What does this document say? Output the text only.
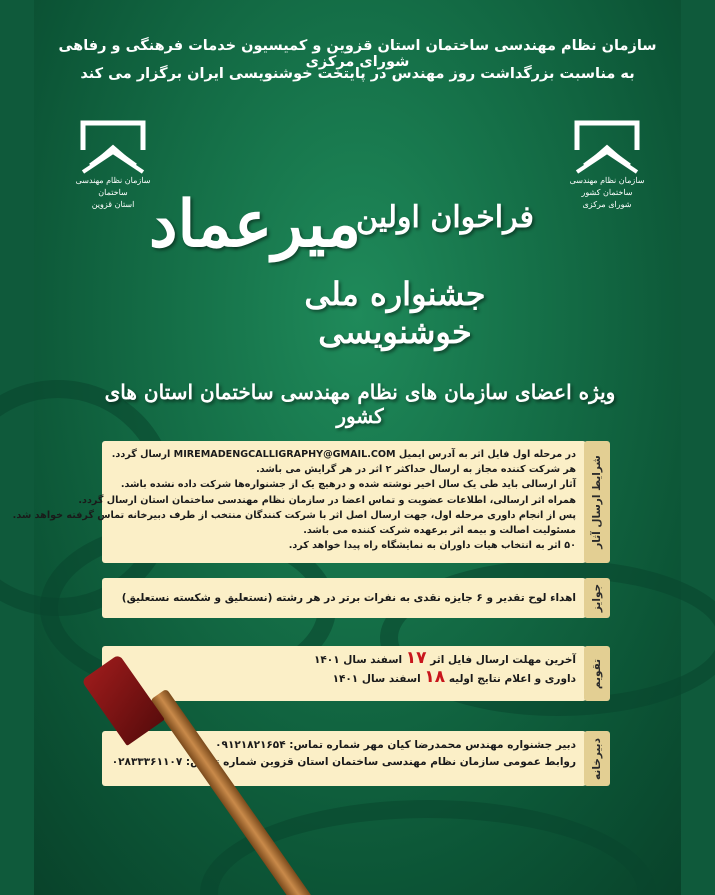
سازمان نظام مهندسی ساختمان استان قزوین و کمیسیون خدمات فرهنگی و رفاهی شورای مرکزی
به مناسبت بزرگداشت روز مهندس در پایتخت خوشنویسی ایران برگزار می کند
سازمان نظام مهندسی ساختمان
استان قزوین
سازمان نظام مهندسی ساختمان کشور
شورای مرکزی
فراخوان اولین
میرعماد
جشنواره ملی خوشنویسی
ویژه اعضای سازمان های نظام مهندسی ساختمان استان های کشور
در مرحله اول فایل اثر به آدرس ایمیل MIREMADENGCALLIGRAPHY@GMAIL.COM ارسال گردد.
هر شرکت کننده مجاز به ارسال حداکثر ۲ اثر در هر گرایش می باشد.
آثار ارسالی باید طی یک سال اخیر نوشته شده و درهیچ یک از جشنواره‌ها شرکت داده نشده باشد.
همراه اثر ارسالی، اطلاعات عضویت و تماس اعضا در سازمان نظام مهندسی ساختمان استان ارسال گردد.
پس از انجام داوری مرحله اول، جهت ارسال اصل اثر با شرکت کنندگان منتخب از طرف دبیرخانه تماس گرفته خواهد شد.
مسئولیت اصالت و بیمه اثر برعهده شرکت کننده می باشد.
۵۰ اثر به انتخاب هیات داوران به نمایشگاه راه پیدا خواهد کرد. شرایط ارسال آثار
اهداء لوح تقدیر و ۶ جایزه نقدی به نفرات برتر در هر رشته (نستعلیق و شکسته نستعلیق) جوایز
آخرین مهلت ارسال فایل اثر ۱۷ اسفند سال ۱۴۰۱
داوری و اعلام نتایج اولیه ۱۸ اسفند سال ۱۴۰۱	تقویم
دبیر جشنواره مهندس محمدرضا کیان مهر شماره تماس: ۰۹۱۲۱۸۲۱۶۵۴
روابط عمومی سازمان نظام مهندسی ساختمان استان قزوین شماره تماس: ۰۲۸۳۳۳۶۱۱۰۷ دبیرخانه
